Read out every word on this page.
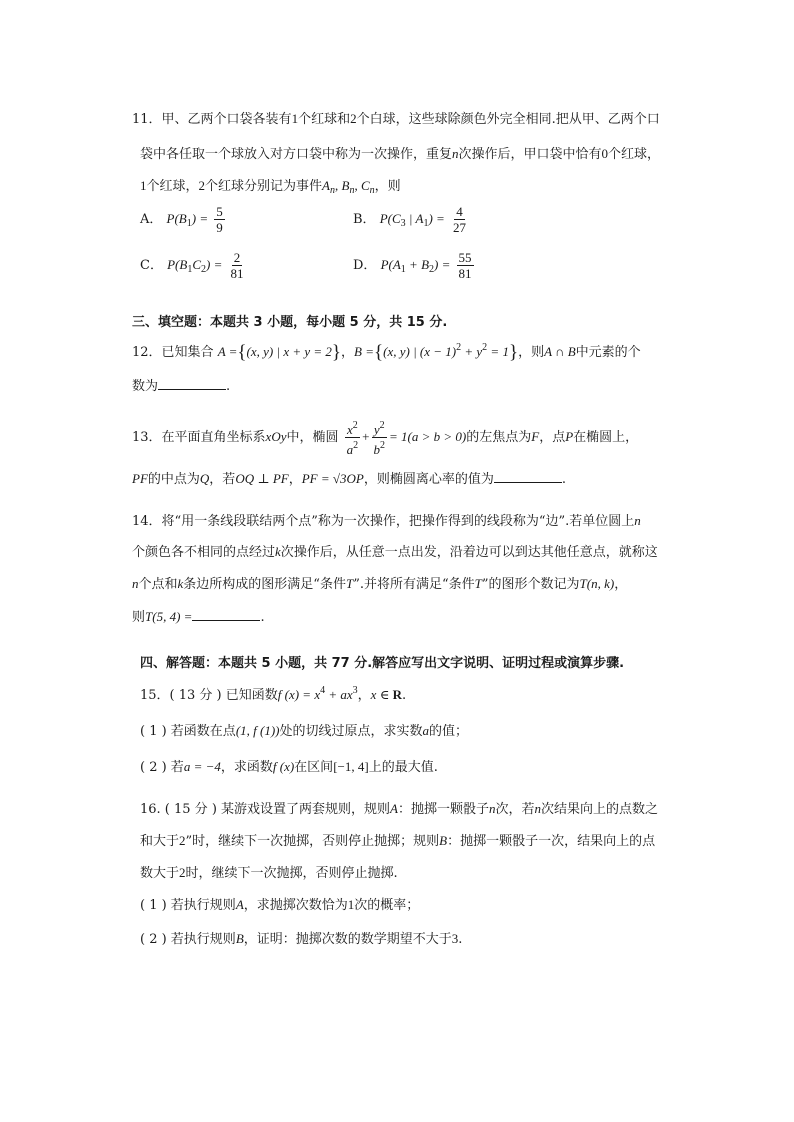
11．甲、乙两个口袋各装有1个红球和2个白球，这些球除颜色外完全相同.把从甲、乙两个口
袋中各任取一个球放入对方口袋中称为一次操作，重复n次操作后，甲口袋中恰有0个红球，
1个红球，2个红球分别记为事件$A_n$, $B_n$, $C_n$，则
A． $P(B_1) = \frac{5}{9}$	B． $P(C_3$ | $A_1) = \frac{4}{27}$
C． $P(B_1C_2) = \frac{2}{81}$	D． $P(A_1 + B_2) = \frac{55}{81}$
三、填空题：本题共 3 小题，每小题 5 分，共 15 分.
12．已知集合 A ={(x, y) | x + y = 2}，B ={(x, y) | $(x - 1)^2 + y^2 = 1$}，则A ∩ B中元素的个
数为	.
13．在平面直角坐标系xOy中，椭圆 $\frac{x^2}{a^2} + \frac{y^2}{b^2} = 1(a > b > 0)$的左焦点为F，点P在椭圆上，
PF的中点为Q，若OQ ⊥ PF，PF = √3OP，则椭圆离心率的值为	.
14．将“用一条线段联结两个点”称为一次操作，把操作得到的线段称为“边”.若单位圆上n
个颜色各不相同的点经过k次操作后，从任意一点出发，沿着边可以到达其他任意点，就称这
n个点和k条边所构成的图形满足“条件T”.并将所有满足“条件T”的图形个数记为T(n, k)，
则T(5, 4) =	.
四、解答题：本题共 5 小题，共 77 分.解答应写出文字说明、证明过程或演算步骤.
15．( 13 分 ) 已知函数f $(x) = x^4 + ax^3$，x ∈ R.
( 1 ) 若函数在点(1, f (1))处的切线过原点，求实数a的值；
( 2 ) 若a = −4，求函数f (x)在区间[−1, 4]上的最大值.
16. ( 15 分 ) 某游戏设置了两套规则，规则A：抛掷一颗骰子n次，若n次结果向上的点数之
和大于2”时，继续下一次抛掷，否则停止抛掷；规则B：抛掷一颗骰子一次，结果向上的点
数大于2时，继续下一次抛掷，否则停止抛掷.
( 1 ) 若执行规则A，求抛掷次数恰为1次的概率；
( 2 ) 若执行规则B，证明：抛掷次数的数学期望不大于3.
